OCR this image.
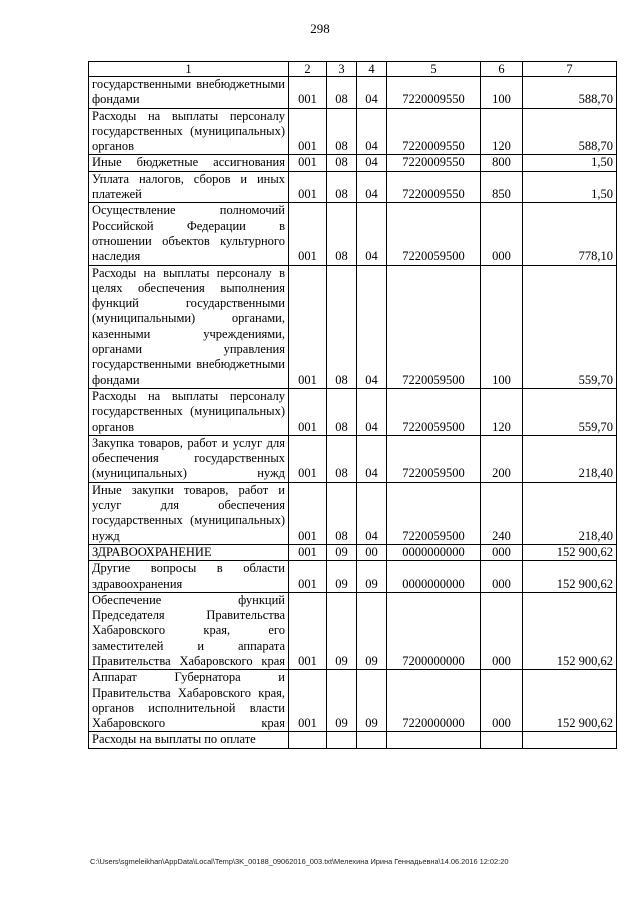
298
1	2	3	4	5	6	7

государственными внебюджетными фондами	001	08	04	7220009550	100	588,70

Расходы на выплаты персоналу государственных (муниципальных) органов	001	08	04	7220009550	120	588,70

Иные бюджетные ассигнования	001	08	04	7220009550	800	1,50

Уплата налогов, сборов и иных платежей	001	08	04	7220009550	850	1,50

Осуществление полномочий Российской Федерации в отношении объектов культурного наследия	001	08	04	7220059500	000	778,10

Расходы на выплаты персоналу в целях обеспечения выполнения функций государственными (муниципальными) органами, казенными учреждениями, органами управления государственными внебюджетными фондами	001	08	04	7220059500	100	559,70

Расходы на выплаты персоналу государственных (муниципальных) органов	001	08	04	7220059500	120	559,70

Закупка товаров, работ и услуг для обеспечения государственных (муниципальных) нужд	001	08	04	7220059500	200	218,40

Иные закупки товаров, работ и услуг для обеспечения государственных (муниципальных) нужд	001	08	04	7220059500	240	218,40

ЗДРАВООХРАНЕНИЕ	001	09	00	0000000000	000	152 900,62

Другие вопросы в области здравоохранения	001	09	09	0000000000	000	152 900,62

Обеспечение функций Председателя Правительства Хабаровского края, его заместителей и аппарата Правительства Хабаровского края	001	09	09	7200000000	000	152 900,62

Аппарат Губернатора и Правительства Хабаровского края, органов исполнительной власти Хабаровского края	001	09	09	7220000000	000	152 900,62

Расходы на выплаты по оплате						

C:\Users\sgmeleikhan\AppData\Local\Temp\3K_00188_09062016_003.txt\Мелехина Ирина Геннадьевна\14.06.2016 12:02:20
